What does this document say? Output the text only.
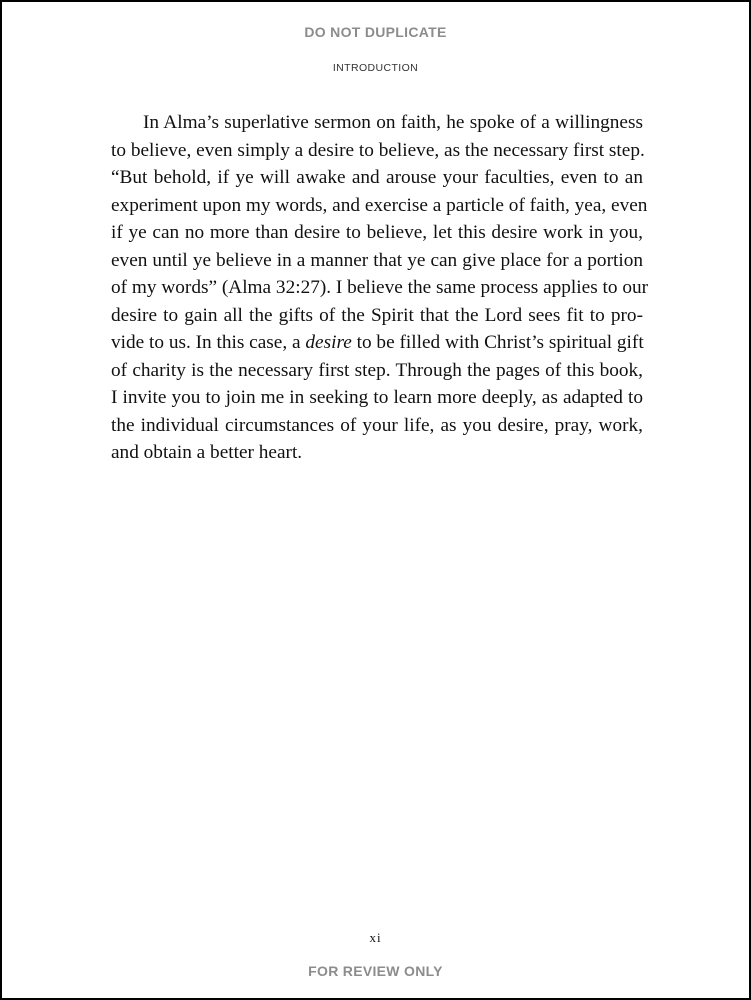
DO NOT DUPLICATE
INTRODUCTION
In Alma’s superlative sermon on faith, he spoke of a willingness
to believe, even simply a desire to believe, as the necessary first step.
“But behold, if ye will awake and arouse your faculties, even to an
experiment upon my words, and exercise a particle of faith, yea, even
if ye can no more than desire to believe, let this desire work in you,
even until ye believe in a manner that ye can give place for a portion
of my words” (Alma 32:27). I believe the same process applies to our
desire to gain all the gifts of the Spirit that the Lord sees fit to pro-
vide to us. In this case, a desire to be filled with Christ’s spiritual gift
of charity is the necessary first step. Through the pages of this book,
I invite you to join me in seeking to learn more deeply, as adapted to
the individual circumstances of your life, as you desire, pray, work,
and obtain a better heart.
xi
FOR REVIEW ONLY
